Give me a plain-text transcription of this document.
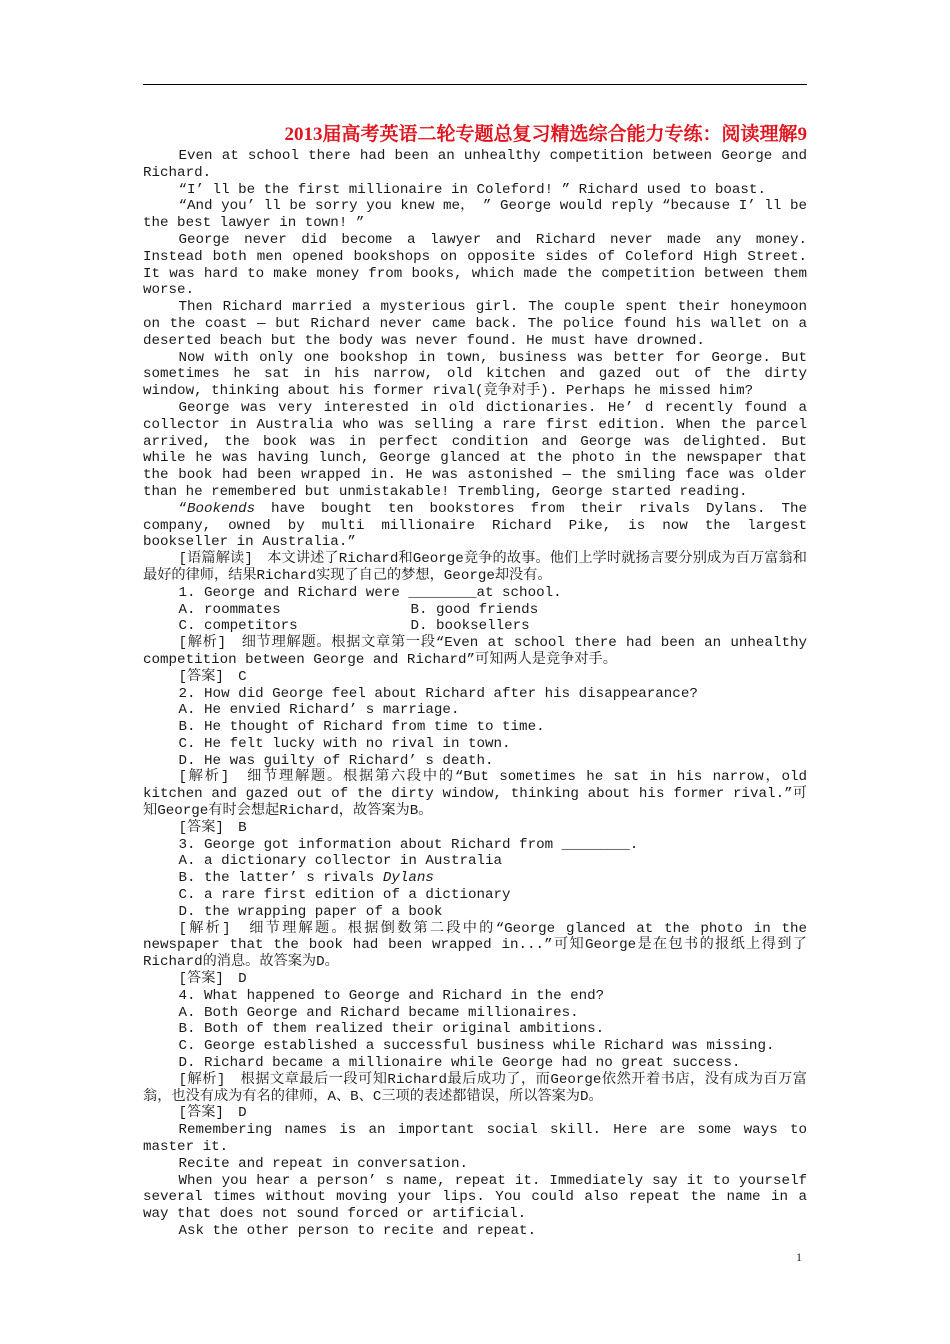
2013届高考英语二轮专题总复习精选综合能力专练：阅读理解9

Even at school there had been an unhealthy competition between George and Richard.

“I’ ll be the first millionaire in Coleford! ” Richard used to boast.

“And you’ ll be sorry you knew me， ” George would reply “because I’ ll be the best lawyer in town! ”

George never did become a lawyer and Richard never made any money. Instead both men opened bookshops on opposite sides of Coleford High Street. It was hard to make money from books, which made the competition between them worse.

Then Richard married a mysterious girl. The couple spent their honeymoon on the coast — but Richard never came back. The police found his wallet on a deserted beach but the body was never found. He must have drowned.

Now with only one bookshop in town, business was better for George. But sometimes he sat in his narrow, old kitchen and gazed out of the dirty window, thinking about his former rival(竞争对手). Perhaps he missed him?

George was very interested in old dictionaries. He’ d recently found a collector in Australia who was selling a rare first edition. When the parcel arrived, the book was in perfect condition and George was delighted. But while he was having lunch, George glanced at the photo in the newspaper that the book had been wrapped in. He was astonished — the smiling face was older than he remembered but unmistakable! Trembling, George started reading.

“Bookends have bought ten bookstores from their rivals Dylans. The company, owned by multi millionaire Richard Pike, is now the largest bookseller in Australia.”

[语篇解读]　本文讲述了Richard和George竞争的故事。他们上学时就扬言要分别成为百万富翁和最好的律师，结果Richard实现了自己的梦想，George却没有。

1. George and Richard were ________at school.

A. roommates	B. good friends
C. competitors	D. booksellers

[解析]　细节理解题。根据文章第一段“Even at school there had been an unhealthy competition between George and Richard”可知两人是竞争对手。

[答案]　C

2. How did George feel about Richard after his disappearance?

A. He envied Richard’ s marriage.

B. He thought of Richard from time to time.

C. He felt lucky with no rival in town.

D. He was guilty of Richard’ s death.

[解析]　细节理解题。根据第六段中的“But sometimes he sat in his narrow，old kitchen and gazed out of the dirty window, thinking about his former rival.”可知George有时会想起Richard，故答案为B。

[答案]　B

3. George got information about Richard from ________.

A. a dictionary collector in Australia

B. the latter’ s rivals Dylans

C. a rare first edition of a dictionary

D. the wrapping paper of a book

[解析]　细节理解题。根据倒数第二段中的“George glanced at the photo in the newspaper that the book had been wrapped in...”可知George是在包书的报纸上得到了Richard的消息。故答案为D。

[答案]　D

4. What happened to George and Richard in the end?

A. Both George and Richard became millionaires.

B. Both of them realized their original ambitions.

C. George established a successful business while Richard was missing.

D. Richard became a millionaire while George had no great success.

[解析]　根据文章最后一段可知Richard最后成功了，而George依然开着书店，没有成为百万富翁，也没有成为有名的律师，A、B、C三项的表述都错误，所以答案为D。

[答案]　D

Remembering names is an important social skill. Here are some ways to master it.

Recite and repeat in conversation.

When you hear a person’ s name, repeat it. Immediately say it to yourself several times without moving your lips. You could also repeat the name in a way that does not sound forced or artificial.

Ask the other person to recite and repeat.

1
